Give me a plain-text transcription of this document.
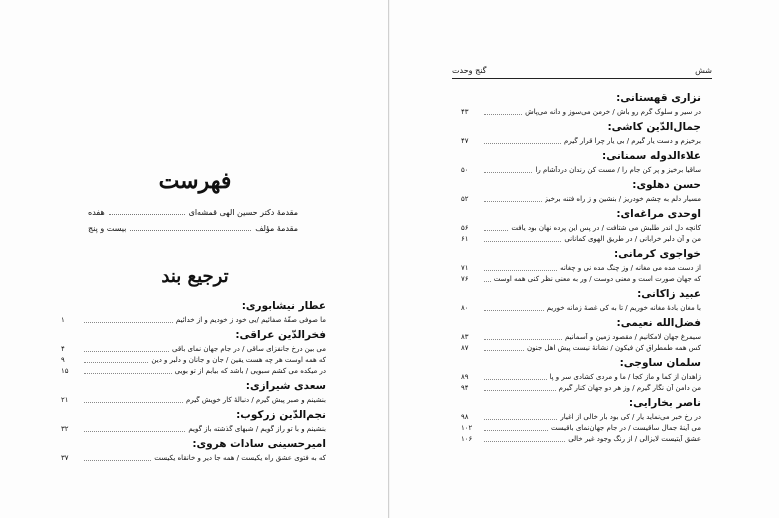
فهرست
مقدمهٔ دکتر حسین الهی قمشه‌ای
هفده
مقدمهٔ مؤلف
بیست و پنج
ترجیع بند
عطار نیشابوری:
ما صوفی صفّهٔ صفائیم /بی خود ز خودیم و از خدائیم
۱
فخرالدّین عراقی:
می بین درخ جانفزای ساقی / در جام جهان نمای باقی
۴
که همه اوست هر چه هست یقین / جان و جانان و دلبر و دین
۹
در میکده می کشم سبویی / باشد که بیابم از تو بویی
۱۵
سعدی شیرازی:
بنشینم و صبر پیش گیرم / دنبالهٔ کار خویش گیرم
۲۱
نجم‌الدّین زرکوب:
بنشینم و با تو راز گویم / شبهای گذشته باز گویم
۳۲
امیرحسینی سادات هروی:
که به فتوی عشق راه یکیست / همه جا دیر و خانقاه یکیست
۳۷
شش
گنج وحدت
نزاری قهستانی:
در سیر و سلوک گرم رو باش / خرمن می‌سوز و دانه می‌پاش
۴۳
جمال‌الدّین کاشی:
برخیزم و دست یار گیرم / بی یار چرا قرار گیرم
۴۷
علاءالدوله سمنانی:
ساقیا برخیز و پر کن جام را / مست کن رندان دردآشام را
۵۰
حسن دهلوی:
مسیار دلم به چشم خودریز / بنشین و ز راه فتنه برخیز
۵۲
اوحدی مراغه‌ای:
کانچه دل اندر طلبش می شتافت / در پس این پرده نهان بود یافت
۵۶
من و آن دلبر خرابانی / در طریق الهوی کمانانی
۶۱
خواجوی کرمانی:
از دست مده می مغانه / وز چنگ مده نی و چغانه
۷۱
که جهان صورت است و معنی دوست / ور به معنی نظر کنی همه اوست
۷۶
عبید زاکانی:
با مغان بادهٔ مغانه خوریم / تا به کی غصهٔ زمانه خوریم
۸۰
فضل‌الله نعیمی:
سیمرغ جهان لامکانیم / مقصود زمین و آسمانیم
۸۳
کس همه طمطراق کن فیکون / نشانهٔ نیست پیش اهل جنون
۸۷
سلمان ساوجی:
زاهدان از کما و ماز کجا / ما و مردی کشادی سر و پا
۸۹
من دامن آن نگار گیرم / وز هر دو جهان کنار گیرم
۹۴
ناصر بخارایی:
در رخ خبر می‌نماید یار / کی بود بار خالی از اغیار
۹۸
می آینهٔ جمال ساقیست / در جام جهان‌نمای باقیست
۱۰۲
عشق آیتیست لایزالی / از رنگ وجود غیر خالی
۱۰۶
